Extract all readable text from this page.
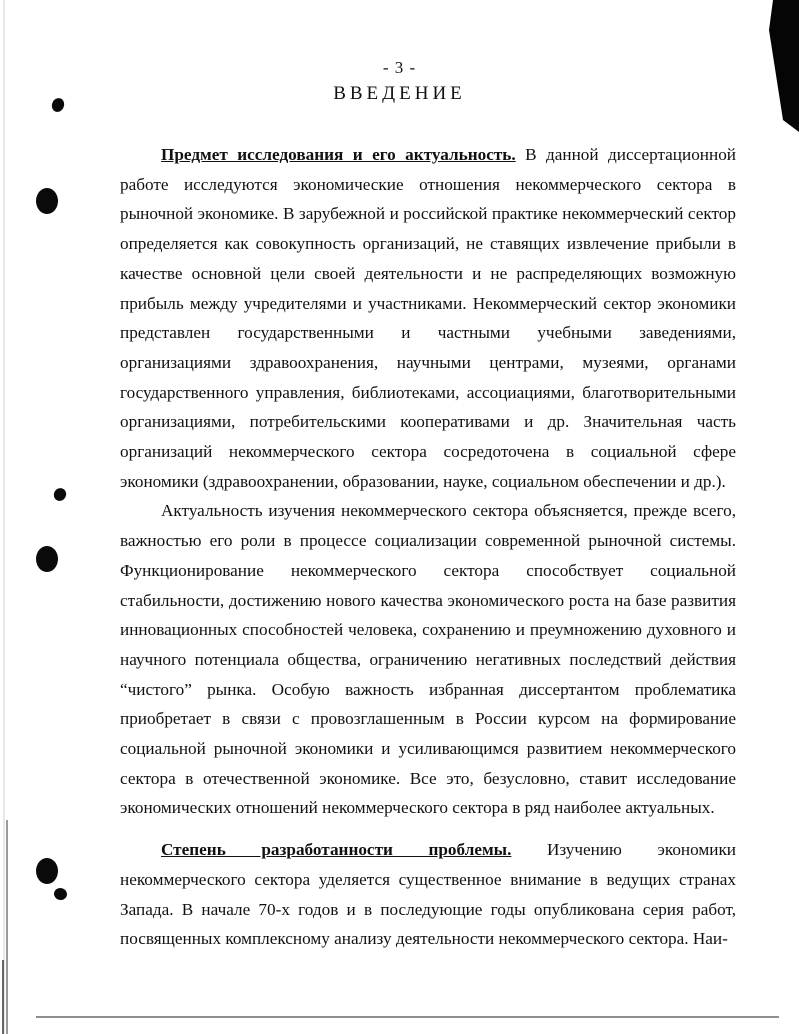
- 3 -
ВВЕДЕНИЕ

Предмет исследования и его актуальность. В данной диссертационной работе исследуются экономические отношения некоммерческого сектора в рыночной экономике. В зарубежной и российской практике некоммерческий сектор определяется как совокупность организаций, не ставящих извлечение прибыли в качестве основной цели своей деятельности и не распределяющих возможную прибыль между учредителями и участниками. Некоммерческий сектор экономики представлен государственными и частными учебными заведениями, организациями здравоохранения, научными центрами, музеями, органами государственного управления, библиотеками, ассоциациями, благотворительными организациями, потребительскими кооперативами и др. Значительная часть организаций некоммерческого сектора сосредоточена в социальной сфере экономики (здравоохранении, образовании, науке, социальном обеспечении и др.).

Актуальность изучения некоммерческого сектора объясняется, прежде всего, важностью его роли в процессе социализации современной рыночной системы. Функционирование некоммерческого сектора способствует социальной стабильности, достижению нового качества экономического роста на базе развития инновационных способностей человека, сохранению и преумножению духовного и научного потенциала общества, ограничению негативных последствий действия “чистого” рынка. Особую важность избранная диссертантом проблематика приобретает в связи с провозглашенным в России курсом на формирование социальной рыночной экономики и усиливающимся развитием некоммерческого сектора в отечественной экономике. Все это, безусловно, ставит исследование экономических отношений некоммерческого сектора в ряд наиболее актуальных.

Степень разработанности проблемы. Изучению экономики некоммерческого сектора уделяется существенное внимание в ведущих странах Запада. В начале 70-х годов и в последующие годы опубликована серия работ, посвященных комплексному анализу деятельности некоммерческого сектора. Наи-
